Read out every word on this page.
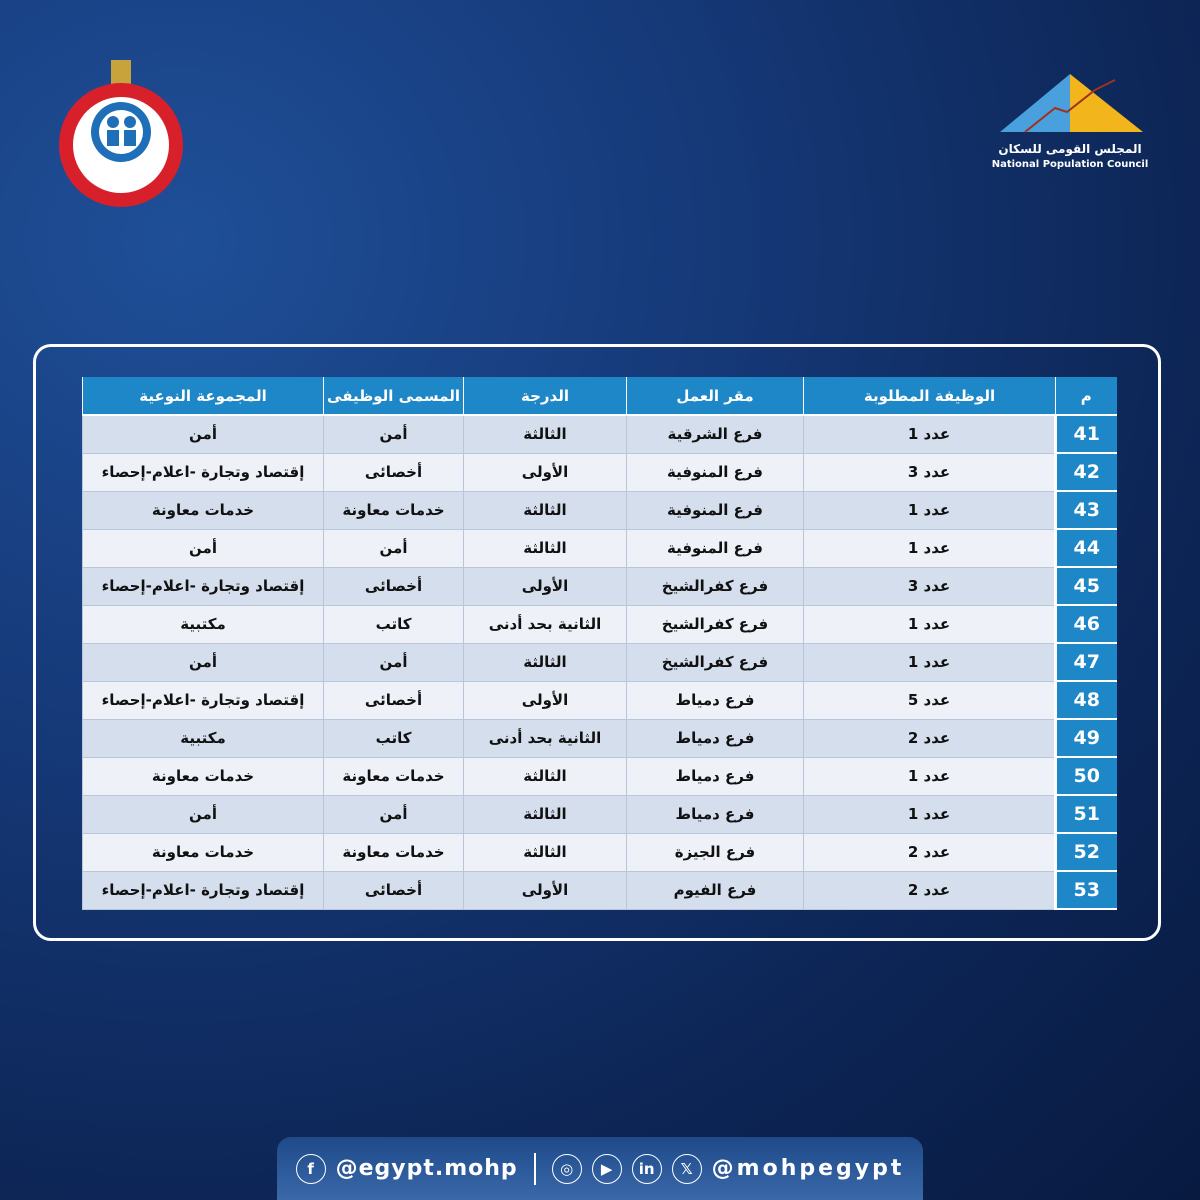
المجلس القومى للسكان
National Population Council
م	الوظيفة المطلوبة	مقر العمل	الدرجة	المسمى الوظيفى	المجموعة النوعية
41	عدد 1	فرع الشرقية	الثالثة	أمن	أمن
42	عدد 3	فرع المنوفية	الأولى	أخصائى	إقتصاد وتجارة -اعلام-إحصاء
43	عدد 1	فرع المنوفية	الثالثة	خدمات معاونة	خدمات معاونة
44	عدد 1	فرع المنوفية	الثالثة	أمن	أمن
45	عدد 3	فرع كفرالشيخ	الأولى	أخصائى	إقتصاد وتجارة -اعلام-إحصاء
46	عدد 1	فرع كفرالشيخ	الثانية بحد أدنى	كاتب	مكتبية
47	عدد 1	فرع كفرالشيخ	الثالثة	أمن	أمن
48	عدد 5	فرع دمياط	الأولى	أخصائى	إقتصاد وتجارة -اعلام-إحصاء
49	عدد 2	فرع دمياط	الثانية بحد أدنى	كاتب	مكتبية
50	عدد 1	فرع دمياط	الثالثة	خدمات معاونة	خدمات معاونة
51	عدد 1	فرع دمياط	الثالثة	أمن	أمن
52	عدد 2	فرع الجيزة	الثالثة	خدمات معاونة	خدمات معاونة
53	عدد 2	فرع الفيوم	الأولى	أخصائى	إقتصاد وتجارة -اعلام-إحصاء
f @egypt.mohp	◎	▶	in	𝕏 @mohpegypt
